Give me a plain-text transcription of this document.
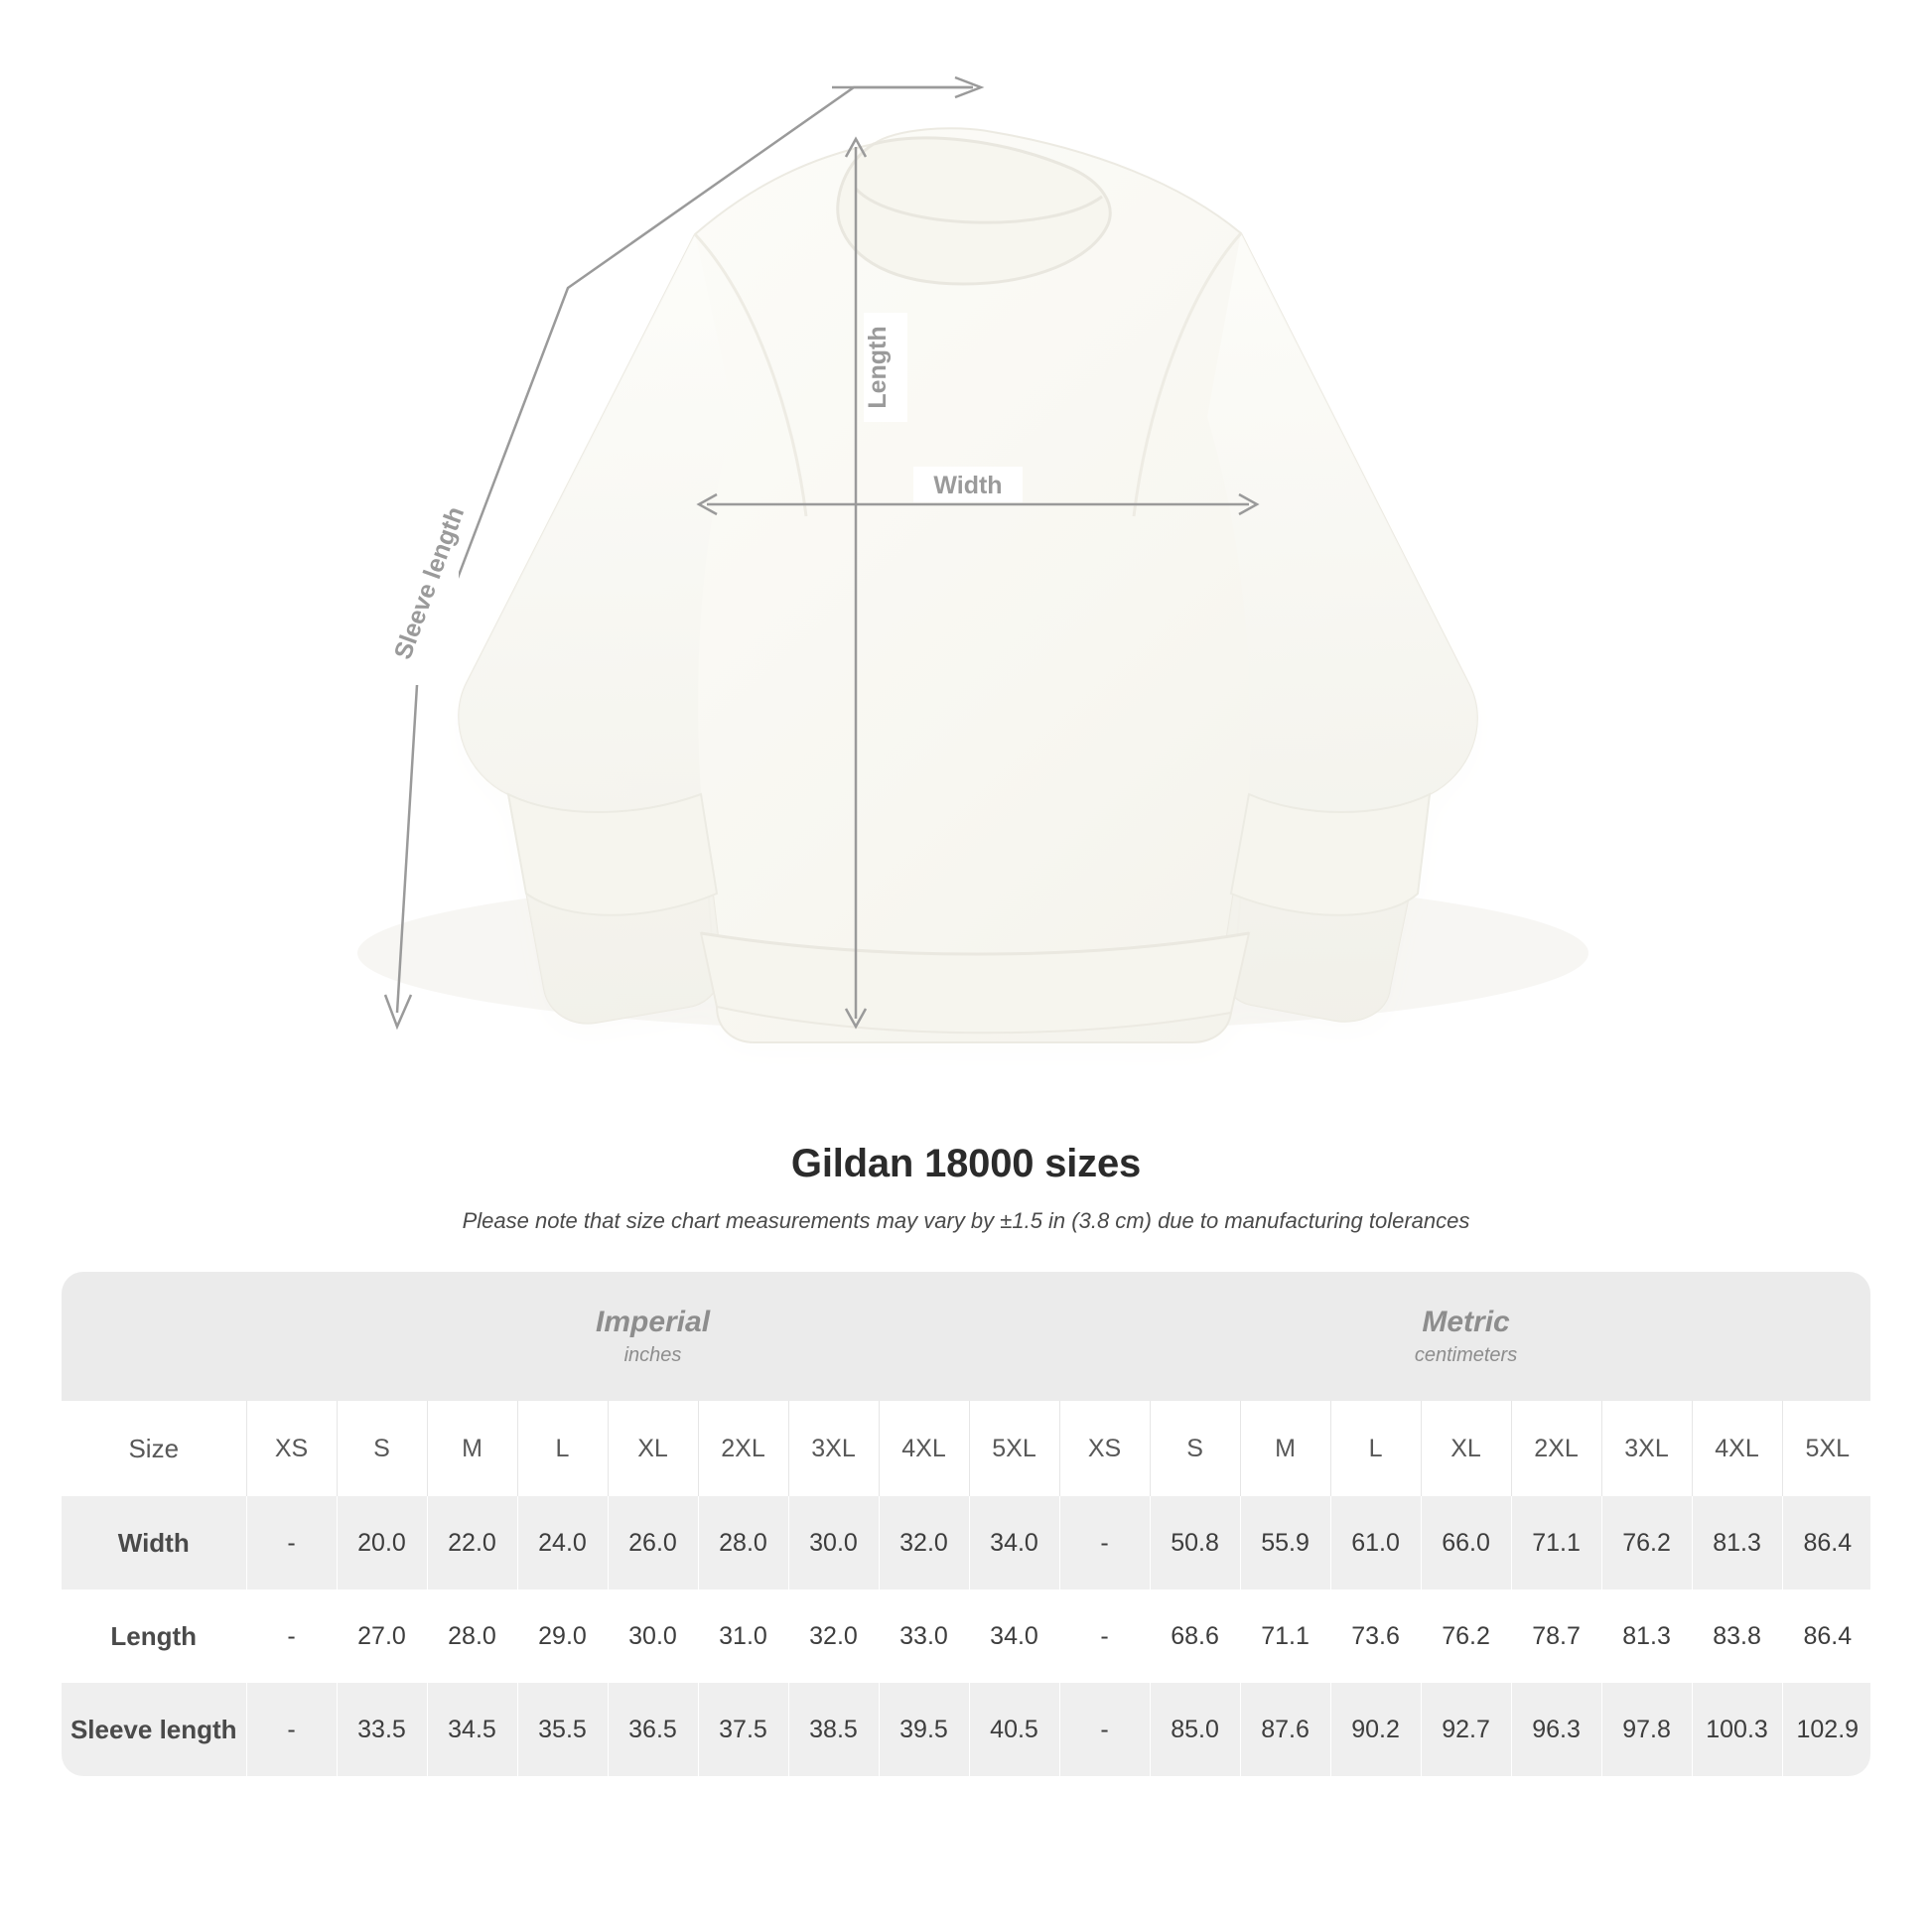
Length
Width
Sleeve length
Gildan 18000 sizes
Please note that size chart measurements may vary by ±1.5 in (3.8 cm) due to manufacturing tolerances

Imperial
inches

Metric
centimeters

Size	XS	S	M	L	XL	2XL	3XL	4XL	5XL	XS	S	M	L	XL	2XL	3XL	4XL	5XL
Width	-	20.0	22.0	24.0	26.0	28.0	30.0	32.0	34.0	-	50.8	55.9	61.0	66.0	71.1	76.2	81.3	86.4
Length	-	27.0	28.0	29.0	30.0	31.0	32.0	33.0	34.0	-	68.6	71.1	73.6	76.2	78.7	81.3	83.8	86.4
Sleeve length	-	33.5	34.5	35.5	36.5	37.5	38.5	39.5	40.5	-	85.0	87.6	90.2	92.7	96.3	97.8	100.3	102.9
